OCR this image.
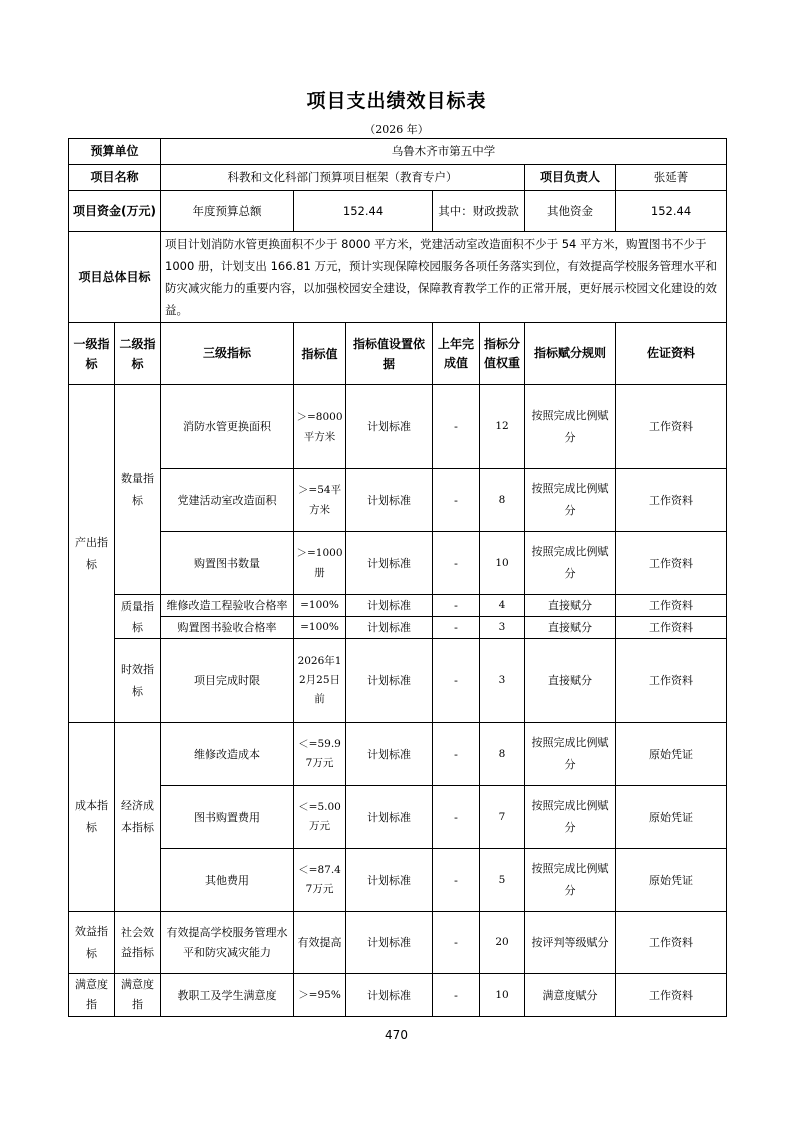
项目支出绩效目标表
（2026 年）
预算单位		乌鲁木齐市第五中学						
项目名称		科教和文化科部门预算项目框架（教育专户）					项目负责人	张延菁

项目资金(万元)		年度预算总额	152.44		其中：财政拨款		其他资金	152.44
项目总体目标		项目计划消防水管更换面积不少于 8000 平方米，党建活动室改造面积不少于 54 平方米，购置图书不少于 1000 册，计划支出 166.81 万元，预计实现保障校园服务各项任务落实到位，有效提高学校服务管理水平和防灾减灾能力的重要内容，以加强校园安全建设，保障教育教学工作的正常开展，更好展示校园文化建设的效益。						

一级指标	二级指标	三级指标	指标值	指标值设置依据	上年完成值	指标分值权重	指标赋分规则	佐证资料

产出指标	数量指标	消防水管更换面积	＞=8000平方米	计划标准	-	12	按照完成比例赋分	工作资料
		党建活动室改造面积	＞=54平方米	计划标准	-	8	按照完成比例赋分	工作资料
		购置图书数量	＞=1000册	计划标准	-	10	按照完成比例赋分	工作资料

	质量指标	维修改造工程验收合格率	=100%	计划标准	-	4	直接赋分	工作资料
		购置图书验收合格率	=100%	计划标准	-	3	直接赋分	工作资料

	时效指标	项目完成时限	2026年12月25日前	计划标准	-	3	直接赋分	工作资料

成本指标	经济成本指标	维修改造成本	＜=59.97万元	计划标准	-	8	按照完成比例赋分	原始凭证
		图书购置费用	＜=5.00万元	计划标准	-	7	按照完成比例赋分	原始凭证
		其他费用	＜=87.47万元	计划标准	-	5	按照完成比例赋分	原始凭证

效益指标	社会效益指标	有效提高学校服务管理水平和防灾减灾能力	有效提高	计划标准	-	20	按评判等级赋分	工作资料

满意度指	满意度指	教职工及学生满意度	＞=95%	计划标准	-	10	满意度赋分	工作资料
470
